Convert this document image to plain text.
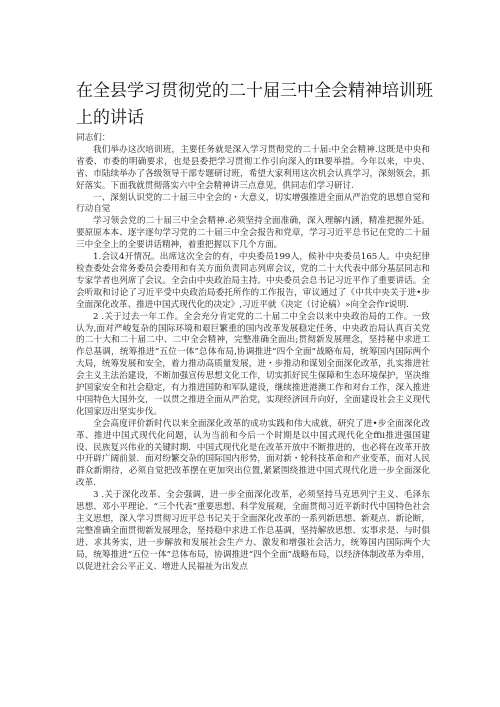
在全县学习贯彻党的二十届三中全会精神培训班上的讲话

同志们：

我们举办这次培训班，主要任务就是深入学习贯彻党的二十届:中全会精神.这既是中央和省委、市委的明确要求，也是县委把学习贯彻工作引向深入的IR要举措。今年以来，中央、省、市陆续举办了各级领导干部专题研讨班，希望大家利用这次机会认真学习，深刻领会，抓好落实。下面我就贯彻落实六中全会精神讲三点意见，供同志们学习研讨.

一、深刻认识党的二十届三中全会的・大意义，切实增强推进全面从严治党的思想自觉和行动自觉

学习领会党的二十届三中全会精神.必须坚持全面准确，深入理解内涵，精准把握外延。要原原本本、逐字逐句学习党的二十届三中全会报告和党章，学习习近平总书记在党的二十届三中全全上的全要讲话精神，着重把握以下几个方面。

1.会议4开情况。出席这次全会的有，中央委员199人，候补中央委员165人。中央纪律检查委处会常务委员会委用和有关方面负责同志列席会议，党的二十大代表中部分基层同志和专家学者也列席了会议。全会由中央政治局主持。中央委员会总书记习近平作了重要讲话。全会听取和讨论了习近平受中央政治局委托所作的工作报告，审议通过了《中共中央关于进•步全面深化改革、推进中国式现代化的决定》,习近平就《决定（讨论稿）»向全会作r说明.

2 .关于过去一年工作。全会充分肯定党的二十届二中全会以来中央政治局的工作。一致认为,面对严峻复杂的国际环境和艰巨繁重的国内改革发展稳定任务，中央政治局认真百关党的二十大和二十届二中、二中全会精神，完整准确全面出;贯彻新发展理念，坚持秘中求进工作总基调，统筹推进“五位一体”总体布局,协调推进“四个全面”战略布局，统筹国内国际两个大局，统筹发展和安全，着力推动高质量发展，进・步推动和谋划全面深化改革，扎实推进社会主义主法治建设，不断加强宣传思想文化工作，切实抓好民生保障和生态环境保护，坚决维护国家安全和社会稳定，有力推进国防和军队建设，继续推进港澳工作和对台工作，深入推进中国特色大国外交，一以贯之推进全面从严治党，实现经济回升向好，全面建设社会主义现代化国家迈出坚实步伐。

全会高度评价新时代以来全面深化改革的成功实践和伟大成就，研究了进•步全面深化改革、推进中国式现代化问题，认为当前和今后一个时期是以中国式现代化全ffii推进强国建设、民族复兴伟业的关键时期．中国式现代化是在改革开放中不断推进的，也必将在改革开放中开辟广阔前景．面对纷繁交杂的国际国内形势，面对新・轮科技革命和产业变革，面对人民群众新期待，必须自觉把改革摆在更加突出位置,紧紧围绕推进中国式现代化进一步全面深化改革.

3 .关于深化改革、全会强调，进一步全面深化改革，必须坚持马克思列宁主义、毛泽东思想、邓小平理论、“三个代表”重要思想、科学发展观，全面贯彻习近平新时代中国特色社会主义思想，深入学习贯彻习近平总书记关于全面深化改革的一系列新思想、新观点、新论断，完整准确全面贯彻新发展理念，坚持稳中求进工作总基调，坚持解放思想、实事求是、与时俱进、求其务实，进一步解放和发展社会生产力、激发和增强社会活力，统筹国内国际两个大局，统筹推进“五位一体”总体布局，协调推进“四个全面”战略布局，以经济体制改革为牵用，以促进社会公平正义、增进人民福祉为出发点
